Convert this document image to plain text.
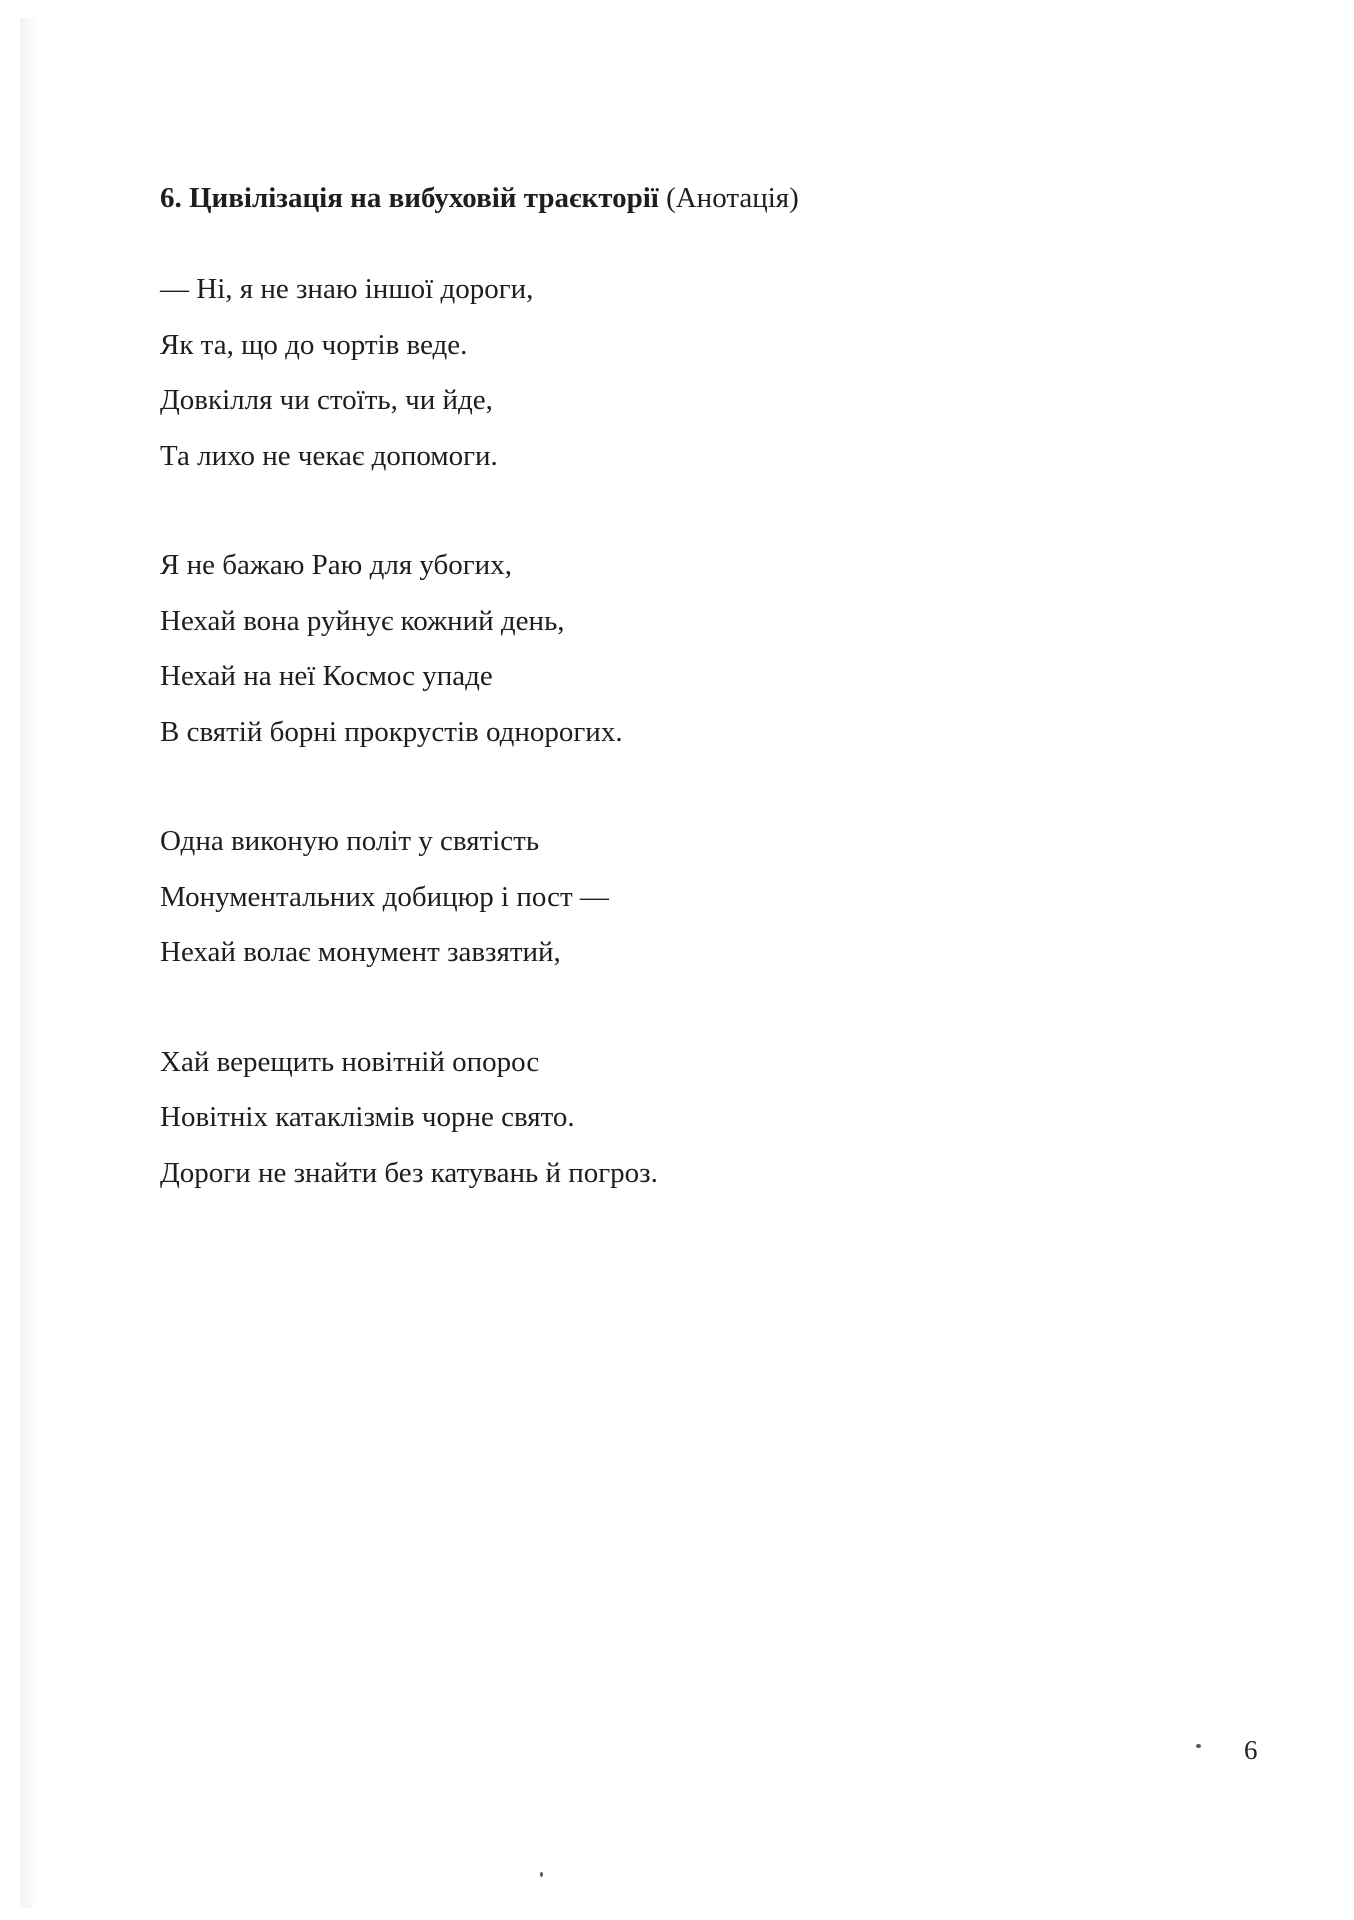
6. Цивілізація на вибуховій траєкторії (Анотація)
— Ні, я не знаю іншої дороги,
Як та, що до чортів веде.
Довкілля чи стоїть, чи йде,
Та лихо не чекає допомоги.
Я не бажаю Раю для убогих,
Нехай вона руйнує кожний день,
Нехай на неї Космос упаде
В святій борні прокрустів однорогих.
Одна виконую політ у святість
Монументальних добицюр і пост —
Нехай волає монумент завзятий,
Хай верещить новітній опорос
Новітніх катаклізмів чорне свято.
Дороги не знайти без катувань й погроз.
6
